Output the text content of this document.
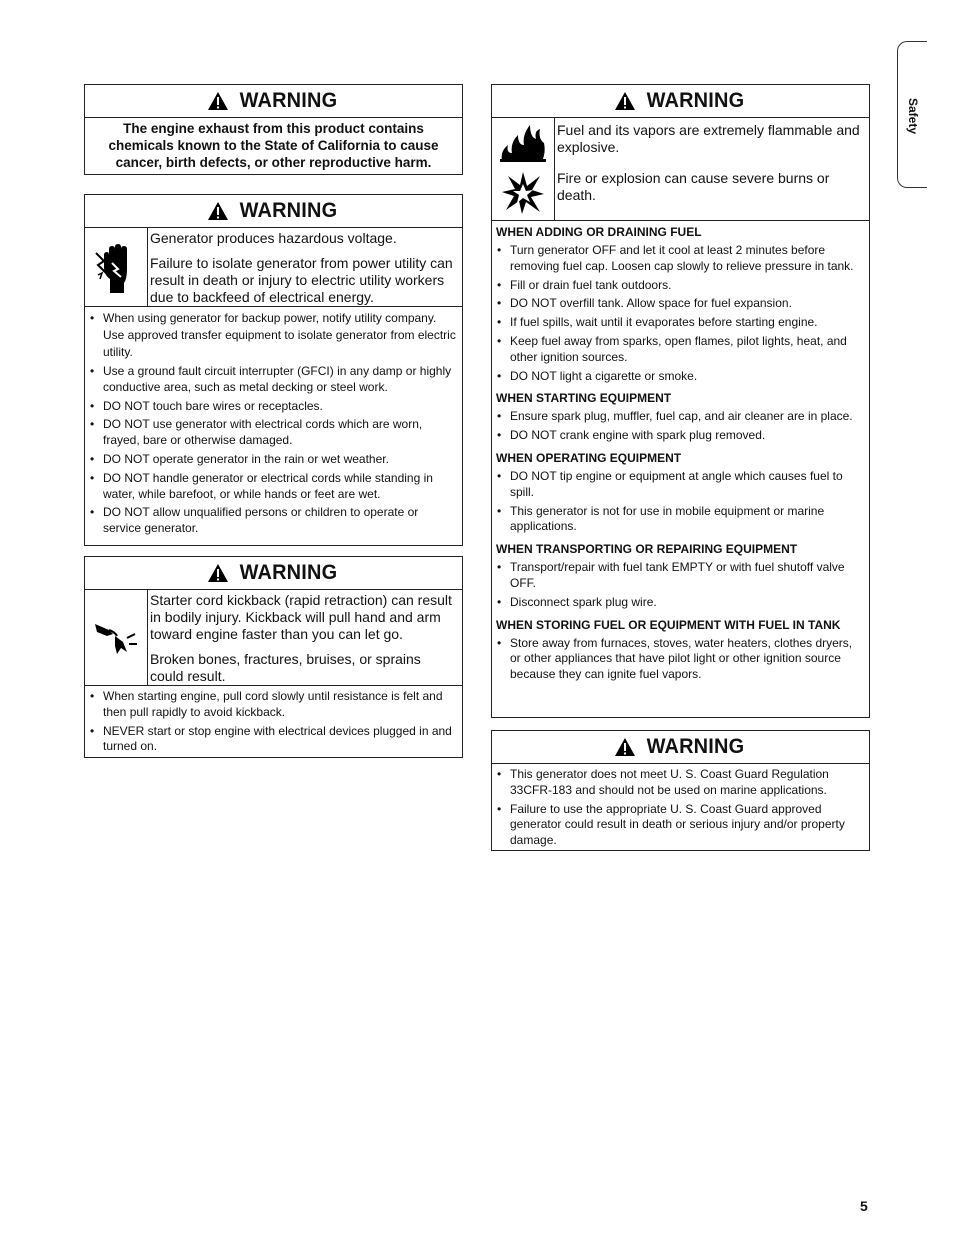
Safety
WARNING
The engine exhaust from this product contains chemicals known to the State of California to cause cancer, birth defects, or other reproductive harm.
WARNING

Generator produces hazardous voltage.

Failure to isolate generator from power utility can result in death or injury to electric utility workers due to backfeed of electrical energy.

• When using generator for backup power, notify utility company. Use approved transfer equipment to isolate generator from electric utility.
• Use a ground fault circuit interrupter (GFCI) in any damp or highly conductive area, such as metal decking or steel work.
• DO NOT touch bare wires or receptacles.
• DO NOT use generator with electrical cords which are worn, frayed, bare or otherwise damaged.
• DO NOT operate generator in the rain or wet weather.
• DO NOT handle generator or electrical cords while standing in water, while barefoot, or while hands or feet are wet.
• DO NOT allow unqualified persons or children to operate or service generator.
WARNING

Starter cord kickback (rapid retraction) can result in bodily injury. Kickback will pull hand and arm toward engine faster than you can let go.

Broken bones, fractures, bruises, or sprains could result.

• When starting engine, pull cord slowly until resistance is felt and then pull rapidly to avoid kickback.
• NEVER start or stop engine with electrical devices plugged in and turned on.
WARNING
Fuel and its vapors are extremely flammable and explosive.
Fire or explosion can cause severe burns or death.
WHEN ADDING OR DRAINING FUEL
• Turn generator OFF and let it cool at least 2 minutes before removing fuel cap. Loosen cap slowly to relieve pressure in tank.
• Fill or drain fuel tank outdoors.
• DO NOT overfill tank. Allow space for fuel expansion.
• If fuel spills, wait until it evaporates before starting engine.
• Keep fuel away from sparks, open flames, pilot lights, heat, and other ignition sources.
• DO NOT light a cigarette or smoke.
WHEN STARTING EQUIPMENT
• Ensure spark plug, muffler, fuel cap, and air cleaner are in place.
• DO NOT crank engine with spark plug removed.
WHEN OPERATING EQUIPMENT
• DO NOT tip engine or equipment at angle which causes fuel to spill.
• This generator is not for use in mobile equipment or marine applications.
WHEN TRANSPORTING OR REPAIRING EQUIPMENT
• Transport/repair with fuel tank EMPTY or with fuel shutoff valve OFF.
• Disconnect spark plug wire.
WHEN STORING FUEL OR EQUIPMENT WITH FUEL IN TANK
• Store away from furnaces, stoves, water heaters, clothes dryers, or other appliances that have pilot light or other ignition source because they can ignite fuel vapors.
WARNING
• This generator does not meet U. S. Coast Guard Regulation 33CFR-183 and should not be used on marine applications.
• Failure to use the appropriate U. S. Coast Guard approved generator could result in death or serious injury and/or property damage.
5
